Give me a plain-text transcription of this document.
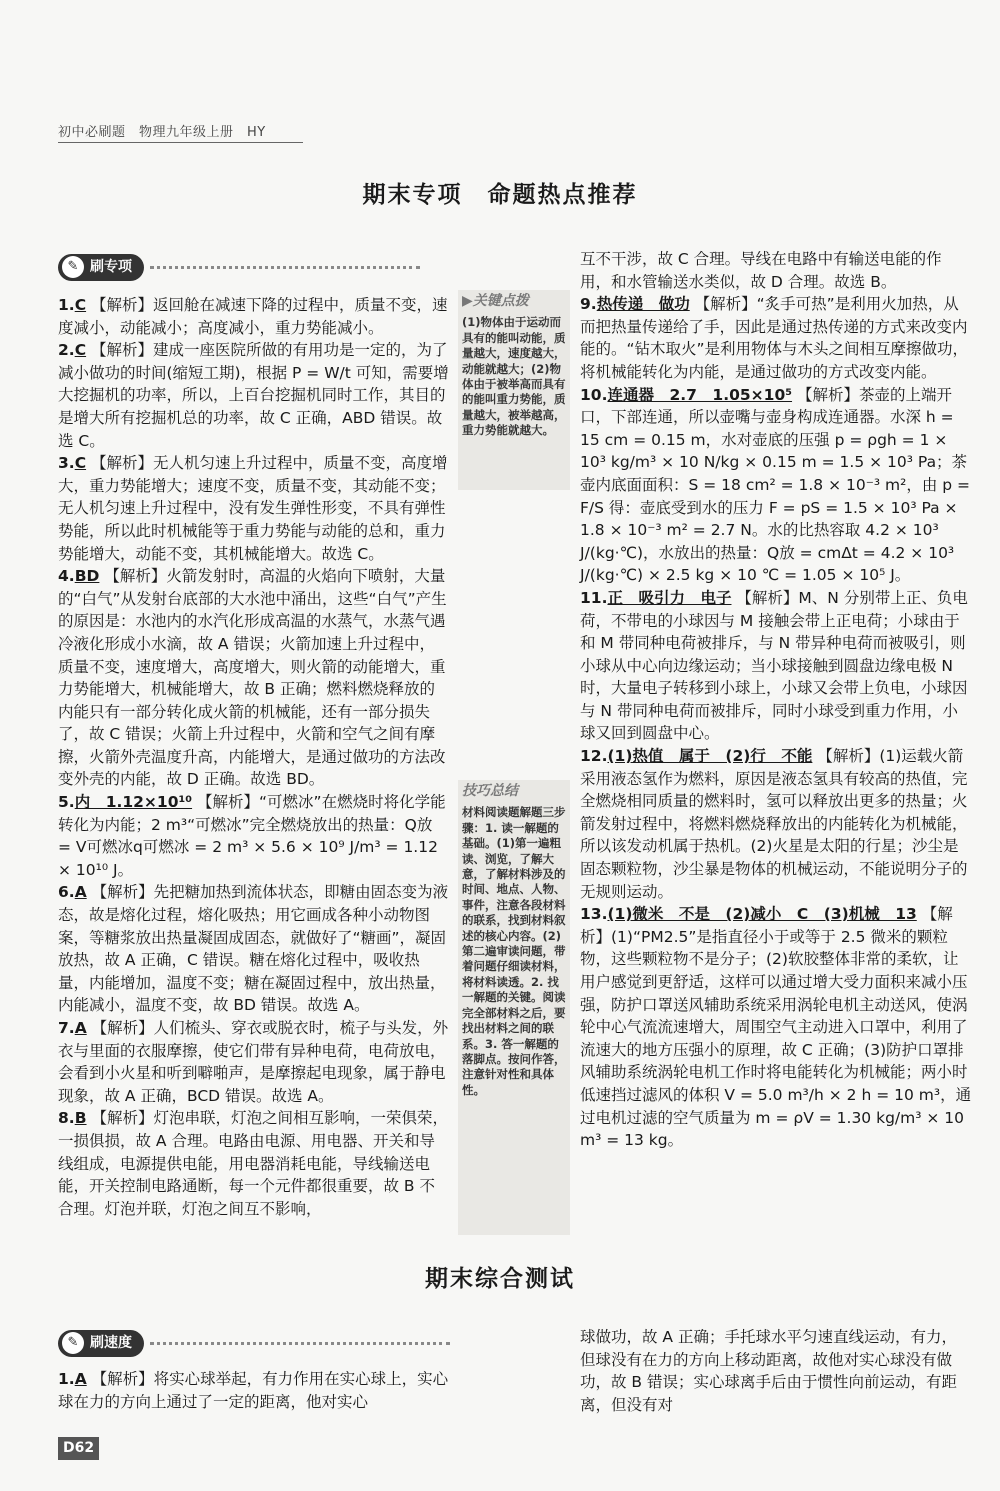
初中必刷题　物理九年级上册　HY
期末专项　命题热点推荐
✎ 刷专项

1.C 【解析】返回舱在减速下降的过程中，质量不变，速度减小，动能减小；高度减小，重力势能减小。

2.C 【解析】建成一座医院所做的有用功是一定的，为了减小做功的时间(缩短工期)，根据 P = W/t 可知，需要增大挖掘机的功率，所以，上百台挖掘机同时工作，其目的是增大所有挖掘机总的功率，故 C 正确，ABD 错误。故选 C。

3.C 【解析】无人机匀速上升过程中，质量不变，高度增大，重力势能增大；速度不变，质量不变，其动能不变；无人机匀速上升过程中，没有发生弹性形变，不具有弹性势能，所以此时机械能等于重力势能与动能的总和，重力势能增大，动能不变，其机械能增大。故选 C。

4.BD 【解析】火箭发射时，高温的火焰向下喷射，大量的“白气”从发射台底部的大水池中涌出，这些“白气”产生的原因是：水池内的水汽化形成高温的水蒸气，水蒸气遇冷液化形成小水滴，故 A 错误；火箭加速上升过程中，质量不变，速度增大，高度增大，则火箭的动能增大，重力势能增大，机械能增大，故 B 正确；燃料燃烧释放的内能只有一部分转化成火箭的机械能，还有一部分损失了，故 C 错误；火箭上升过程中，火箭和空气之间有摩擦，火箭外壳温度升高，内能增大，是通过做功的方法改变外壳的内能，故 D 正确。故选 BD。

5.内　1.12×10¹⁰ 【解析】“可燃冰”在燃烧时将化学能转化为内能；2 m³“可燃冰”完全燃烧放出的热量：Q放 = V可燃冰q可燃冰 = 2 m³ × 5.6 × 10⁹ J/m³ = 1.12 × 10¹⁰ J。

6.A 【解析】先把糖加热到流体状态，即糖由固态变为液态，故是熔化过程，熔化吸热；用它画成各种小动物图案，等糖浆放出热量凝固成固态，就做好了“糖画”，凝固放热，故 A 正确，C 错误。糖在熔化过程中，吸收热量，内能增加，温度不变；糖在凝固过程中，放出热量，内能减小，温度不变，故 BD 错误。故选 A。

7.A 【解析】人们梳头、穿衣或脱衣时，梳子与头发，外衣与里面的衣服摩擦，使它们带有异种电荷，电荷放电，会看到小火星和听到噼啪声，是摩擦起电现象，属于静电现象，故 A 正确，BCD 错误。故选 A。

8.B 【解析】灯泡串联，灯泡之间相互影响，一荣俱荣，一损俱损，故 A 合理。电路由电源、用电器、开关和导线组成，电源提供电能，用电器消耗电能，导线输送电能，开关控制电路通断，每一个元件都很重要，故 B 不合理。灯泡并联，灯泡之间互不影响，

▶关键点拨
(1)物体由于运动而具有的能叫动能，质量越大，速度越大，动能就越大；(2)物体由于被举高而具有的能叫重力势能，质量越大，被举越高，重力势能就越大。
技巧总结
材料阅读题解题三步骤：1. 读一解题的基础。(1)第一遍粗读、浏览，了解大意，了解材料涉及的时间、地点、人物、事件，注意各段材料的联系，找到材料叙述的核心内容。(2)第二遍审读问题，带着问题仔细读材料，将材料读透。2. 找一解题的关键。阅读完全部材料之后，要找出材料之间的联系。3. 答一解题的落脚点。按问作答，注意针对性和具体性。

互不干涉，故 C 合理。导线在电路中有输送电能的作用，和水管输送水类似，故 D 合理。故选 B。

9.热传递　做功 【解析】“炙手可热”是利用火加热，从而把热量传递给了手，因此是通过热传递的方式来改变内能的。“钻木取火”是利用物体与木头之间相互摩擦做功，将机械能转化为内能，是通过做功的方式改变内能。

10.连通器　2.7　1.05×10⁵ 【解析】茶壶的上端开口，下部连通，所以壶嘴与壶身构成连通器。水深 h = 15 cm = 0.15 m，水对壶底的压强 p = ρgh = 1 × 10³ kg/m³ × 10 N/kg × 0.15 m = 1.5 × 10³ Pa；茶壶内底面面积：S = 18 cm² = 1.8 × 10⁻³ m²，由 p = F/S 得：壶底受到水的压力 F = pS = 1.5 × 10³ Pa × 1.8 × 10⁻³ m² = 2.7 N。水的比热容取 4.2 × 10³ J/(kg·℃)，水放出的热量：Q放 = cmΔt = 4.2 × 10³ J/(kg·℃) × 2.5 kg × 10 ℃ = 1.05 × 10⁵ J。

11.正　吸引力　电子 【解析】M、N 分别带上正、负电荷，不带电的小球因与 M 接触会带上正电荷；小球由于和 M 带同种电荷被排斥，与 N 带异种电荷而被吸引，则小球从中心向边缘运动；当小球接触到圆盘边缘电极 N 时，大量电子转移到小球上，小球又会带上负电，小球因与 N 带同种电荷而被排斥，同时小球受到重力作用，小球又回到圆盘中心。

12.(1)热值　属于　(2)行　不能 【解析】(1)运载火箭采用液态氢作为燃料，原因是液态氢具有较高的热值，完全燃烧相同质量的燃料时，氢可以释放出更多的热量；火箭发射过程中，将燃料燃烧释放出的内能转化为机械能，所以该发动机属于热机。(2)火星是太阳的行星；沙尘是固态颗粒物，沙尘暴是物体的机械运动，不能说明分子的无规则运动。

13.(1)微米　不是　(2)减小　C　(3)机械　13 【解析】(1)“PM2.5”是指直径小于或等于 2.5 微米的颗粒物，这些颗粒物不是分子；(2)软胶整体非常的柔软，让用户感觉到更舒适，这样可以通过增大受力面积来减小压强，防护口罩送风辅助系统采用涡轮电机主动送风，使涡轮中心气流流速增大，周围空气主动进入口罩中，利用了流速大的地方压强小的原理，故 C 正确；(3)防护口罩排风辅助系统涡轮电机工作时将电能转化为机械能；两小时低速挡过滤风的体积 V = 5.0 m³/h × 2 h = 10 m³，通过电机过滤的空气质量为 m = ρV = 1.30 kg/m³ × 10 m³ = 13 kg。

期末综合测试
✎ 刷速度

1.A 【解析】将实心球举起，有力作用在实心球上，实心球在力的方向上通过了一定的距离，他对实心

球做功，故 A 正确；手托球水平匀速直线运动，有力，但球没有在力的方向上移动距离，故他对实心球没有做功，故 B 错误；实心球离手后由于惯性向前运动，有距离，但没有对

D62
